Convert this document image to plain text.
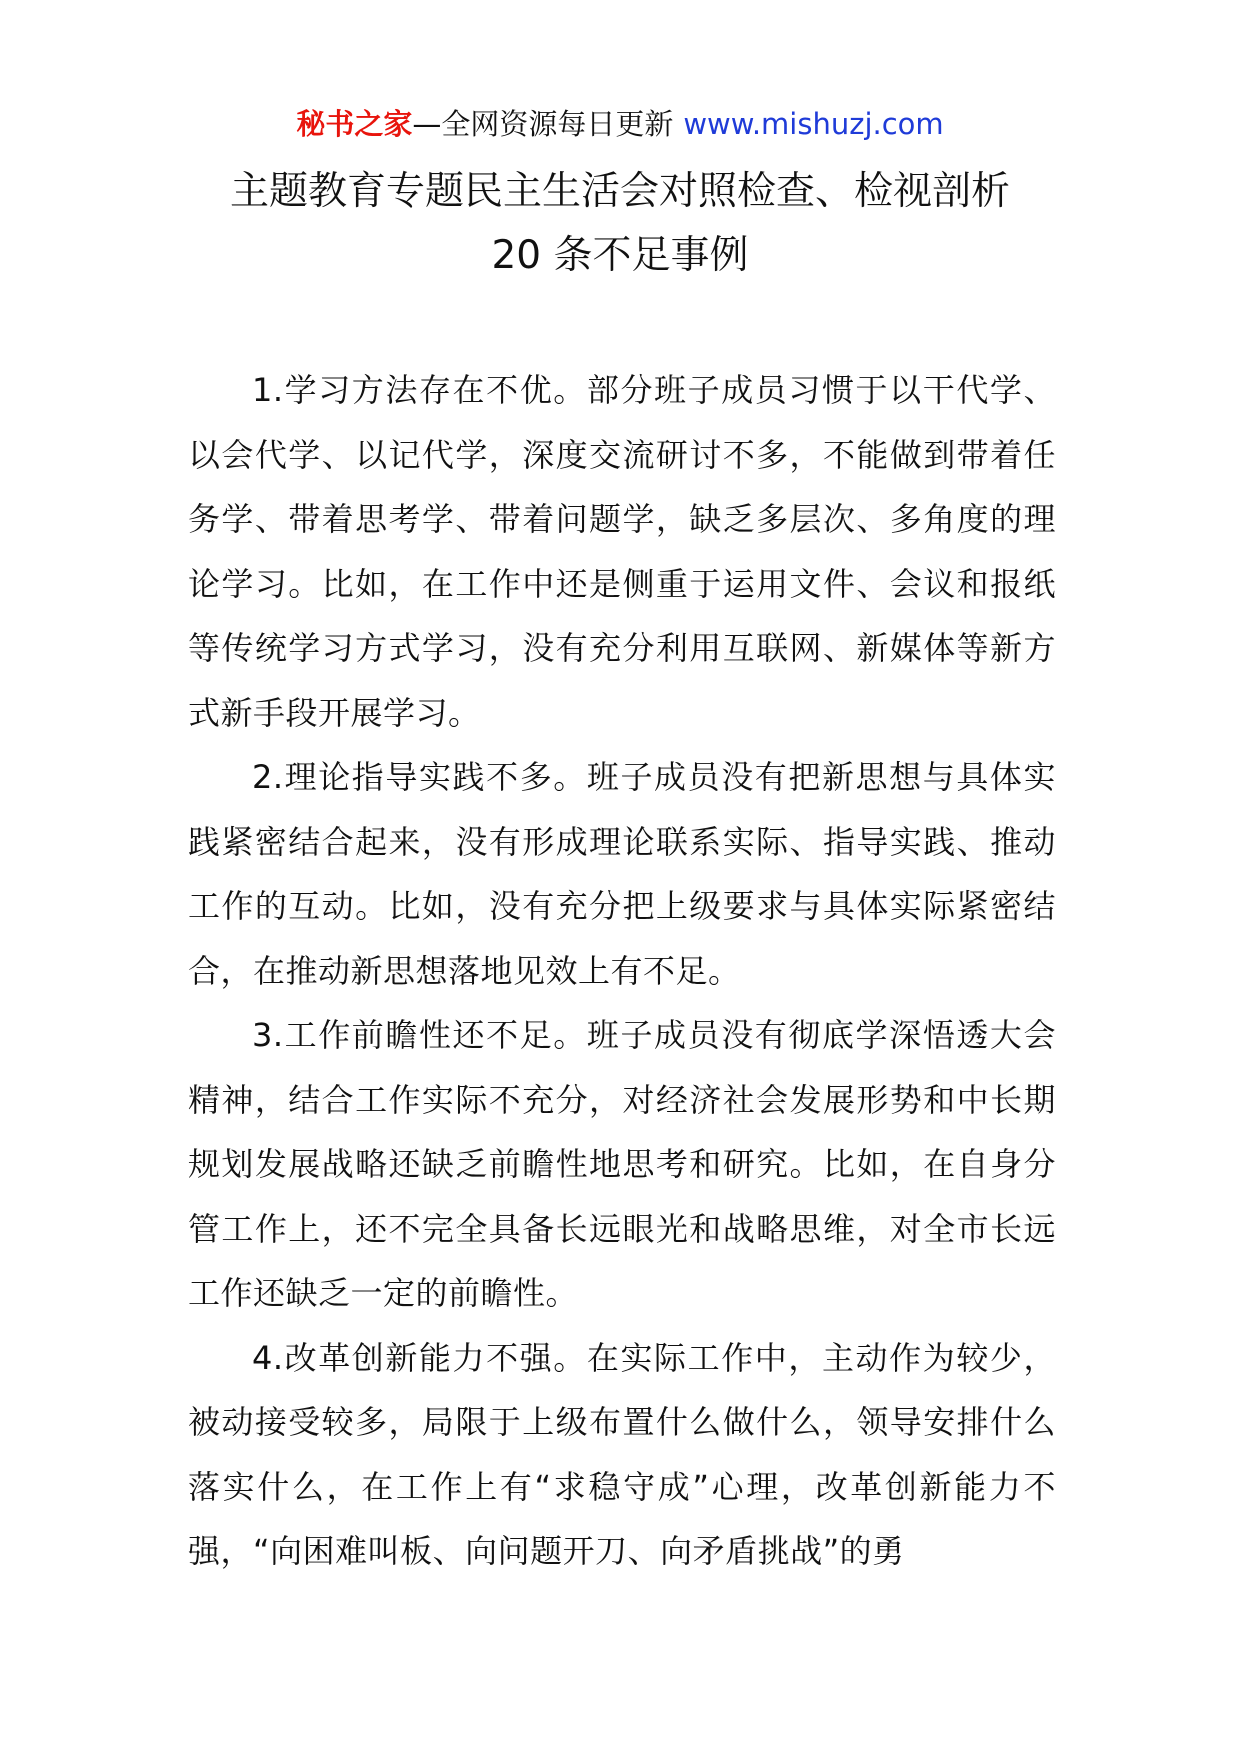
秘书之家—全网资源每日更新 www.mishuzj.com
主题教育专题民主生活会对照检查、检视剖析
20 条不足事例

1.学习方法存在不优。部分班子成员习惯于以干代学、以会代学、以记代学，深度交流研讨不多，不能做到带着任务学、带着思考学、带着问题学，缺乏多层次、多角度的理论学习。比如，在工作中还是侧重于运用文件、会议和报纸等传统学习方式学习，没有充分利用互联网、新媒体等新方式新手段开展学习。

2.理论指导实践不多。班子成员没有把新思想与具体实践紧密结合起来，没有形成理论联系实际、指导实践、推动工作的互动。比如，没有充分把上级要求与具体实际紧密结合，在推动新思想落地见效上有不足。

3.工作前瞻性还不足。班子成员没有彻底学深悟透大会精神，结合工作实际不充分，对经济社会发展形势和中长期规划发展战略还缺乏前瞻性地思考和研究。比如，在自身分管工作上，还不完全具备长远眼光和战略思维，对全市长远工作还缺乏一定的前瞻性。

4.改革创新能力不强。在实际工作中，主动作为较少，被动接受较多，局限于上级布置什么做什么，领导安排什么落实什么，在工作上有“求稳守成”心理，改革创新能力不强，“向困难叫板、向问题开刀、向矛盾挑战”的勇
